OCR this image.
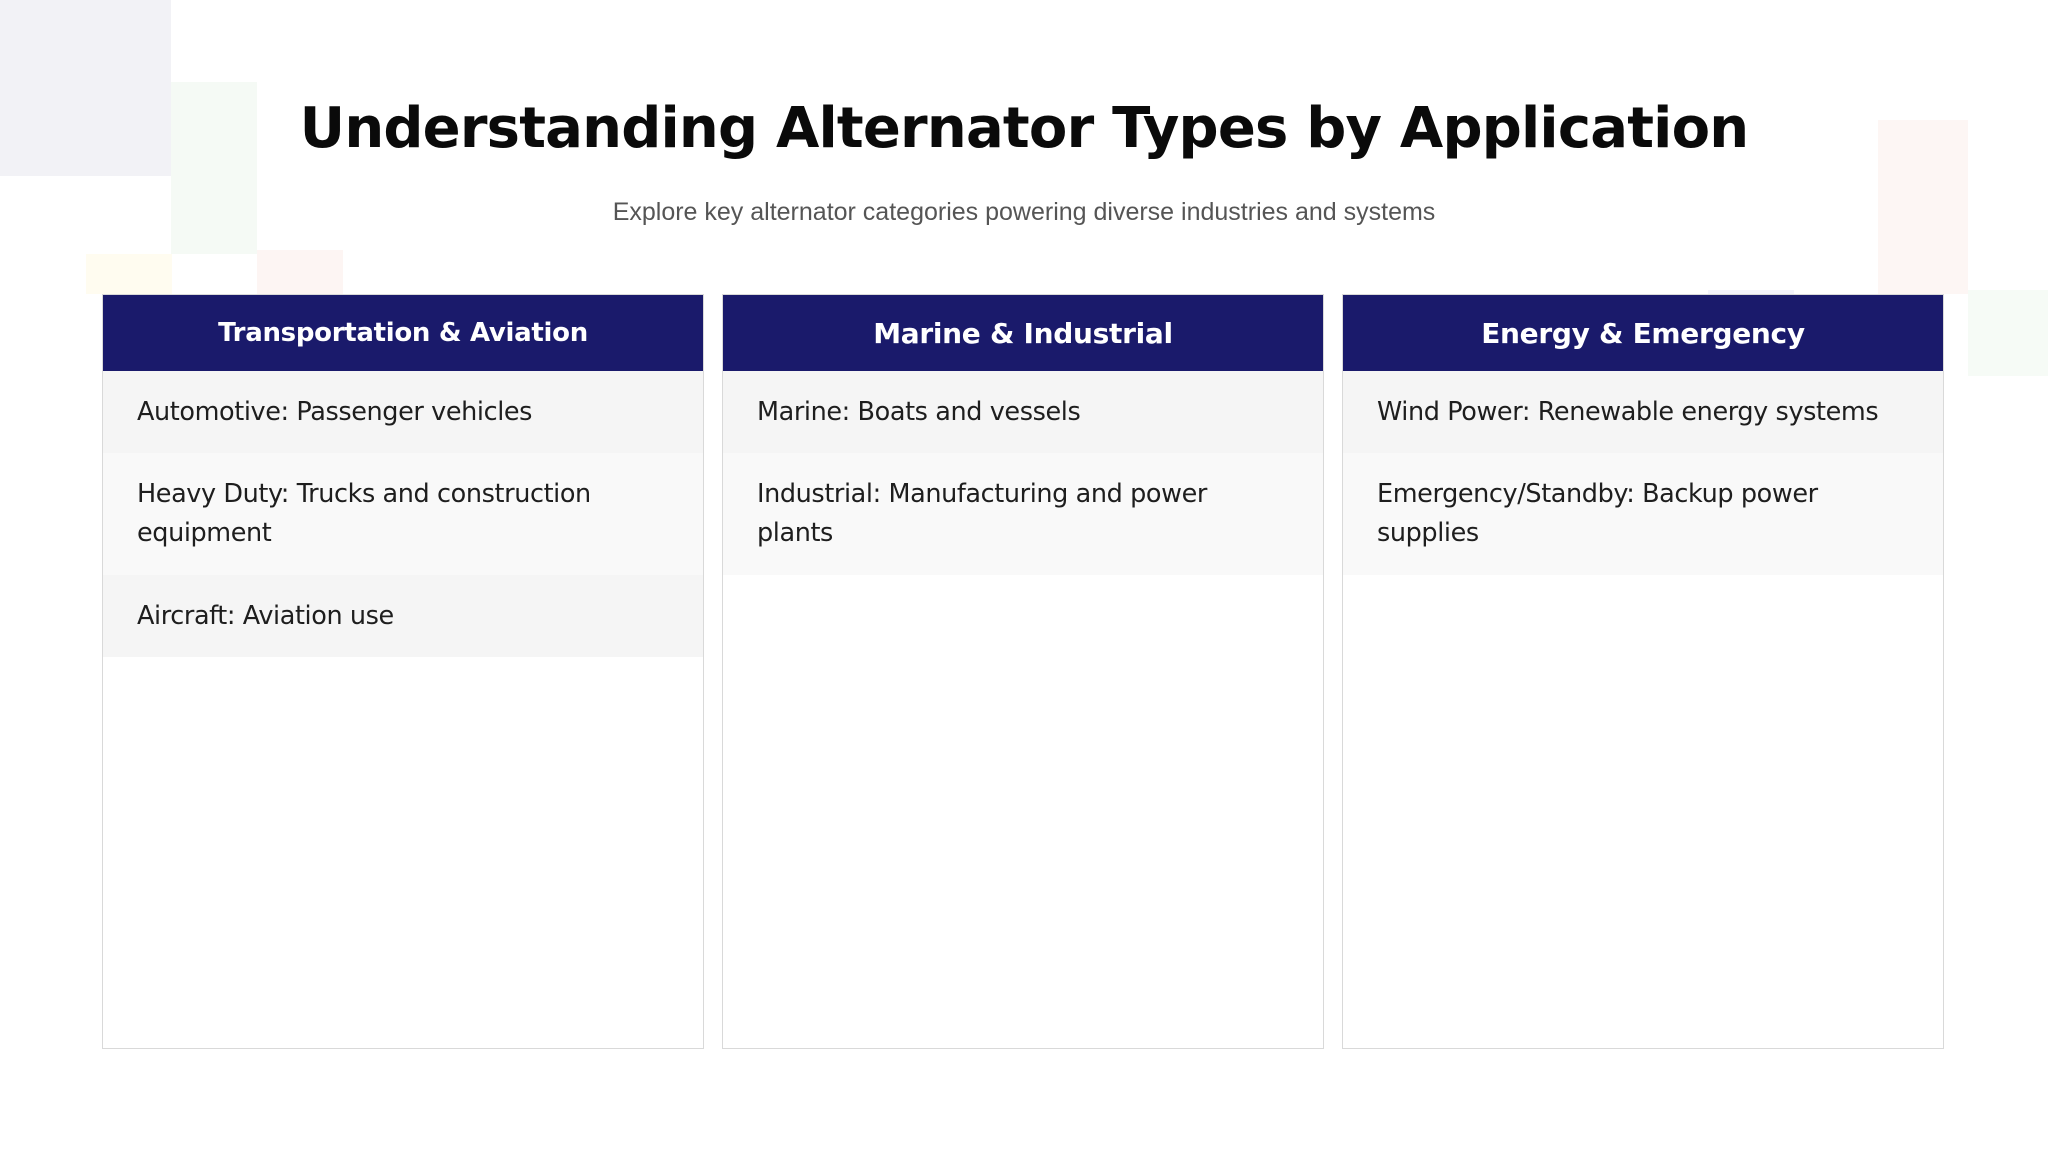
Understanding Alternator Types by Application
Explore key alternator categories powering diverse industries and systems
Transportation & Aviation
Automotive: Passenger vehicles
Heavy Duty: Trucks and construction equipment
Aircraft: Aviation use
Marine & Industrial
Marine: Boats and vessels
Industrial: Manufacturing and power plants
Energy & Emergency
Wind Power: Renewable energy systems
Emergency/Standby: Backup power supplies
